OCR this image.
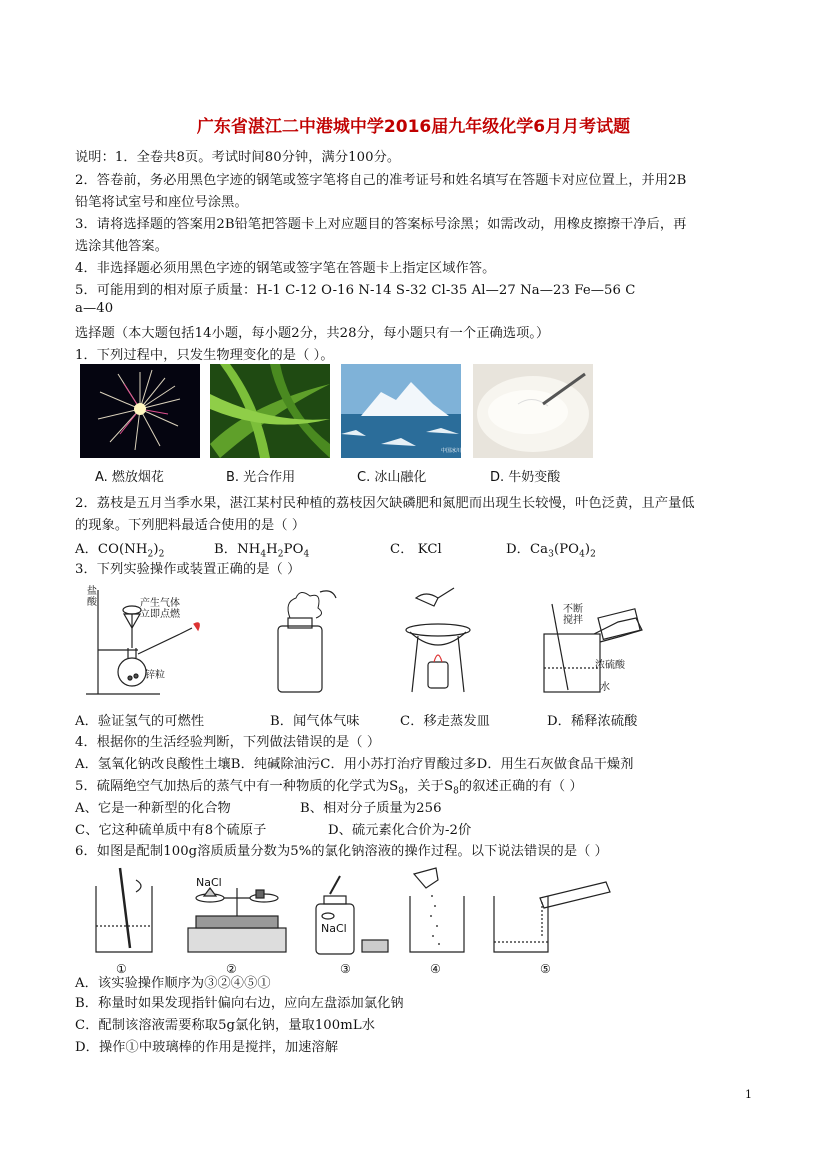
广东省湛江二中港城中学2016届九年级化学6月月考试题
说明：1．全卷共8页。考试时间80分钟，满分100分。
2．答卷前，务必用黑色字迹的钢笔或签字笔将自己的准考证号和姓名填写在答题卡对应位置上，并用2B
铅笔将试室号和座位号涂黑。
3．请将选择题的答案用2B铅笔把答题卡上对应题目的答案标号涂黑；如需改动，用橡皮擦擦干净后，再
选涂其他答案。
4．非选择题必须用黑色字迹的钢笔或签字笔在答题卡上指定区域作答。
5．可能用到的相对原子质量：H-1 C-12 O-16 N-14 S-32 Cl-35 Al—27 Na—23 Fe—56 C
a—40
选择题（本大题包括14小题，每小题2分，共28分，每小题只有一个正确选项。）
1．下列过程中，只发生物理变化的是（ ）。
中国冰川
A. 燃放烟花	B. 光合作用	C. 冰山融化	D. 牛奶变酸
2．荔枝是五月当季水果，湛江某村民种植的荔枝因欠缺磷肥和氮肥而出现生长较慢，叶色泛黄，且产量低
的现象。下列肥料最适合使用的是（ ）
A．$CO(NH_2)_2$	B．$NH_4H_2PO_4$	C． KCl	D．$Ca_3(PO_4)_2$
3．下列实验操作或装置正确的是（ ）
盐酸	产生气体立即点燃
锌粒
不断搅拌
浓硫酸
水
A．验证氢气的可燃性	B．闻气体气味	C．移走蒸发皿	D．稀释浓硫酸
4．根据你的生活经验判断，下列做法错误的是（ ）
A．氢氧化钠改良酸性土壤B．纯碱除油污C．用小苏打治疗胃酸过多D．用生石灰做食品干燥剂
5．硫隔绝空气加热后的蒸气中有一种物质的化学式为$S_8$，关于$S_8$的叙述正确的有（ ）
A、它是一种新型的化合物	B、相对分子质量为256
C、它这种硫单质中有8个硫原子	D、硫元素化合价为-2价
6．如图是配制100g溶质质量分数为5%的氯化钠溶液的操作过程。以下说法错误的是（ ）
NaCl
NaCl
①	②	③	④	⑤
A．该实验操作顺序为③②④⑤①
B．称量时如果发现指针偏向右边，应向左盘添加氯化钠
C．配制该溶液需要称取5g氯化钠，量取100mL水
D．操作①中玻璃棒的作用是搅拌，加速溶解
1
